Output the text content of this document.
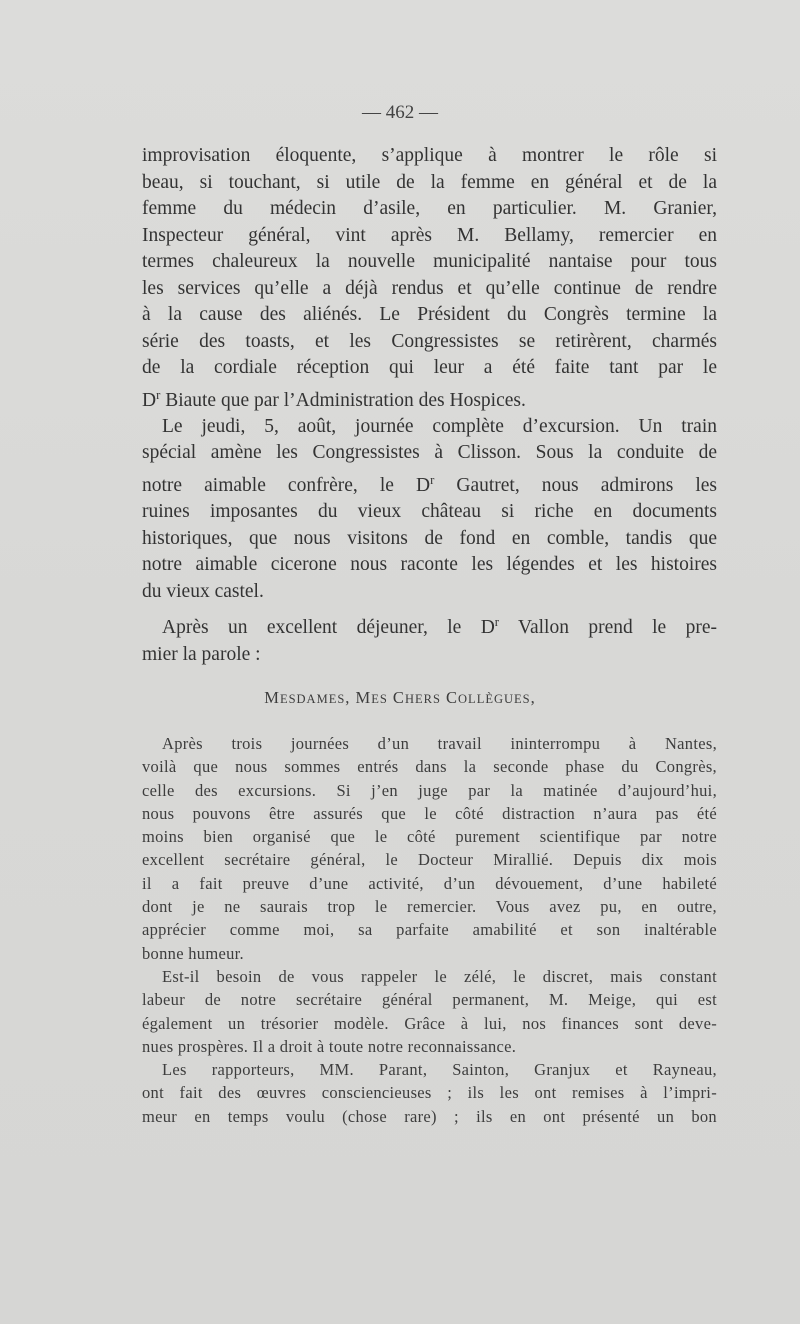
— 462 —
improvisation éloquente, s’applique à montrer le rôle si
beau, si touchant, si utile de la femme en général et de la
femme du médecin d’asile, en particulier. M. Granier,
Inspecteur général, vint après M. Bellamy, remercier en
termes chaleureux la nouvelle municipalité nantaise pour tous
les services qu’elle a déjà rendus et qu’elle continue de rendre
à la cause des aliénés. Le Président du Congrès termine la
série des toasts, et les Congressistes se retirèrent, charmés
de la cordiale réception qui leur a été faite tant par le
$D^r$ Biaute que par l’Administration des Hospices.
Le jeudi, 5, août, journée complète d’excursion. Un train
spécial amène les Congressistes à Clisson. Sous la conduite de
notre aimable confrère, le $D^r$ Gautret, nous admirons les
ruines imposantes du vieux château si riche en documents
historiques, que nous visitons de fond en comble, tandis que
notre aimable cicerone nous raconte les légendes et les histoires
du vieux castel.
Après un excellent déjeuner, le $D^r$ Vallon prend le pre-
mier la parole :
MESDAMES, MES CHERS COLLÈGUES,
Après trois journées d’un travail ininterrompu à Nantes,
voilà que nous sommes entrés dans la seconde phase du Congrès,
celle des excursions. Si j’en juge par la matinée d’aujourd’hui,
nous pouvons être assurés que le côté distraction n’aura pas été
moins bien organisé que le côté purement scientifique par notre
excellent secrétaire général, le Docteur Mirallié. Depuis dix mois
il a fait preuve d’une activité, d’un dévouement, d’une habileté
dont je ne saurais trop le remercier. Vous avez pu, en outre,
apprécier comme moi, sa parfaite amabilité et son inaltérable
bonne humeur.
Est-il besoin de vous rappeler le zélé, le discret, mais constant
labeur de notre secrétaire général permanent, M. Meige, qui est
également un trésorier modèle. Grâce à lui, nos finances sont deve-
nues prospères. Il a droit à toute notre reconnaissance.
Les rapporteurs, MM. Parant, Sainton, Granjux et Rayneau,
ont fait des œuvres consciencieuses ; ils les ont remises à l’impri-
meur en temps voulu (chose rare) ; ils en ont présenté un bon
